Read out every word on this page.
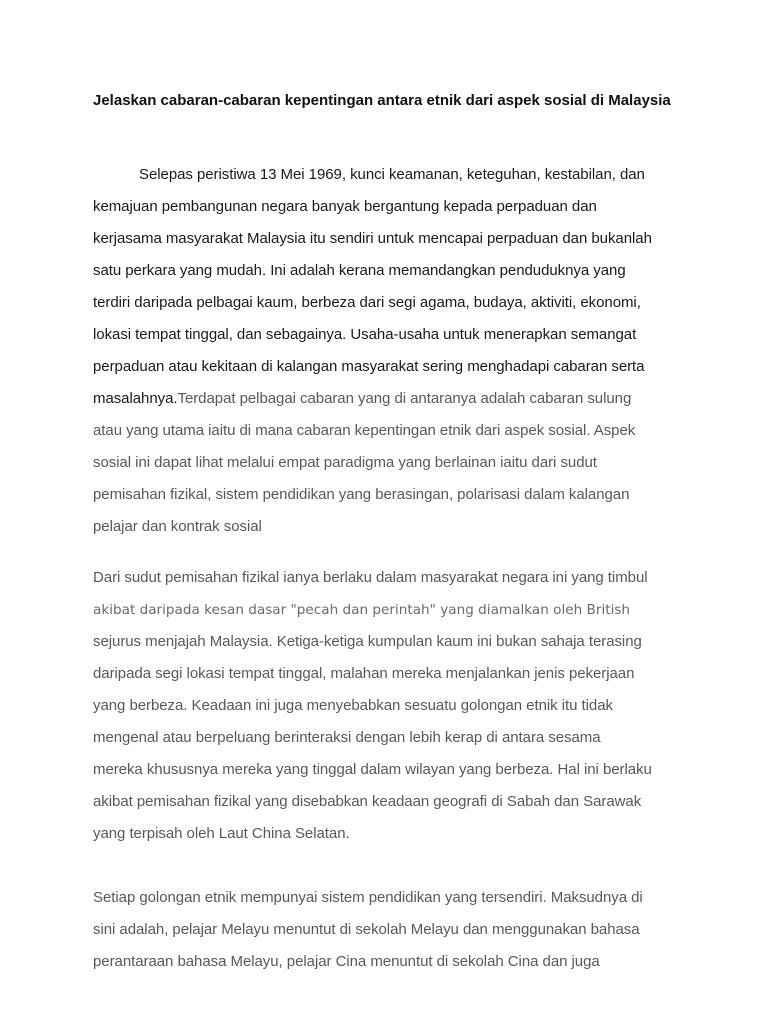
Jelaskan cabaran-cabaran kepentingan antara etnik dari aspek sosial di Malaysia
Selepas peristiwa 13 Mei 1969, kunci keamanan, keteguhan, kestabilan, dan
kemajuan pembangunan negara banyak bergantung kepada perpaduan dan
kerjasama masyarakat Malaysia itu sendiri untuk mencapai perpaduan dan bukanlah
satu perkara yang mudah. Ini adalah kerana memandangkan penduduknya yang
terdiri daripada pelbagai kaum, berbeza dari segi agama, budaya, aktiviti, ekonomi,
lokasi tempat tinggal, dan sebagainya. Usaha-usaha untuk menerapkan semangat
perpaduan atau kekitaan di kalangan masyarakat sering menghadapi cabaran serta
masalahnya.Terdapat pelbagai cabaran yang di antaranya adalah cabaran sulung
atau yang utama iaitu di mana cabaran kepentingan etnik dari aspek sosial. Aspek
sosial ini dapat lihat melalui empat paradigma yang berlainan iaitu dari sudut
pemisahan fizikal, sistem pendidikan yang berasingan, polarisasi dalam kalangan
pelajar dan kontrak sosial
Dari sudut pemisahan fizikal ianya berlaku dalam masyarakat negara ini yang timbul
akibat daripada kesan dasar "pecah dan perintah" yang diamalkan oleh British
sejurus menjajah Malaysia. Ketiga-ketiga kumpulan kaum ini bukan sahaja terasing
daripada segi lokasi tempat tinggal, malahan mereka menjalankan jenis pekerjaan
yang berbeza. Keadaan ini juga menyebabkan sesuatu golongan etnik itu tidak
mengenal atau berpeluang berinteraksi dengan lebih kerap di antara sesama
mereka khususnya mereka yang tinggal dalam wilayan yang berbeza. Hal ini berlaku
akibat pemisahan fizikal yang disebabkan keadaan geografi di Sabah dan Sarawak
yang terpisah oleh Laut China Selatan.
Setiap golongan etnik mempunyai sistem pendidikan yang tersendiri. Maksudnya di
sini adalah, pelajar Melayu menuntut di sekolah Melayu dan menggunakan bahasa
perantaraan bahasa Melayu, pelajar Cina menuntut di sekolah Cina dan juga
